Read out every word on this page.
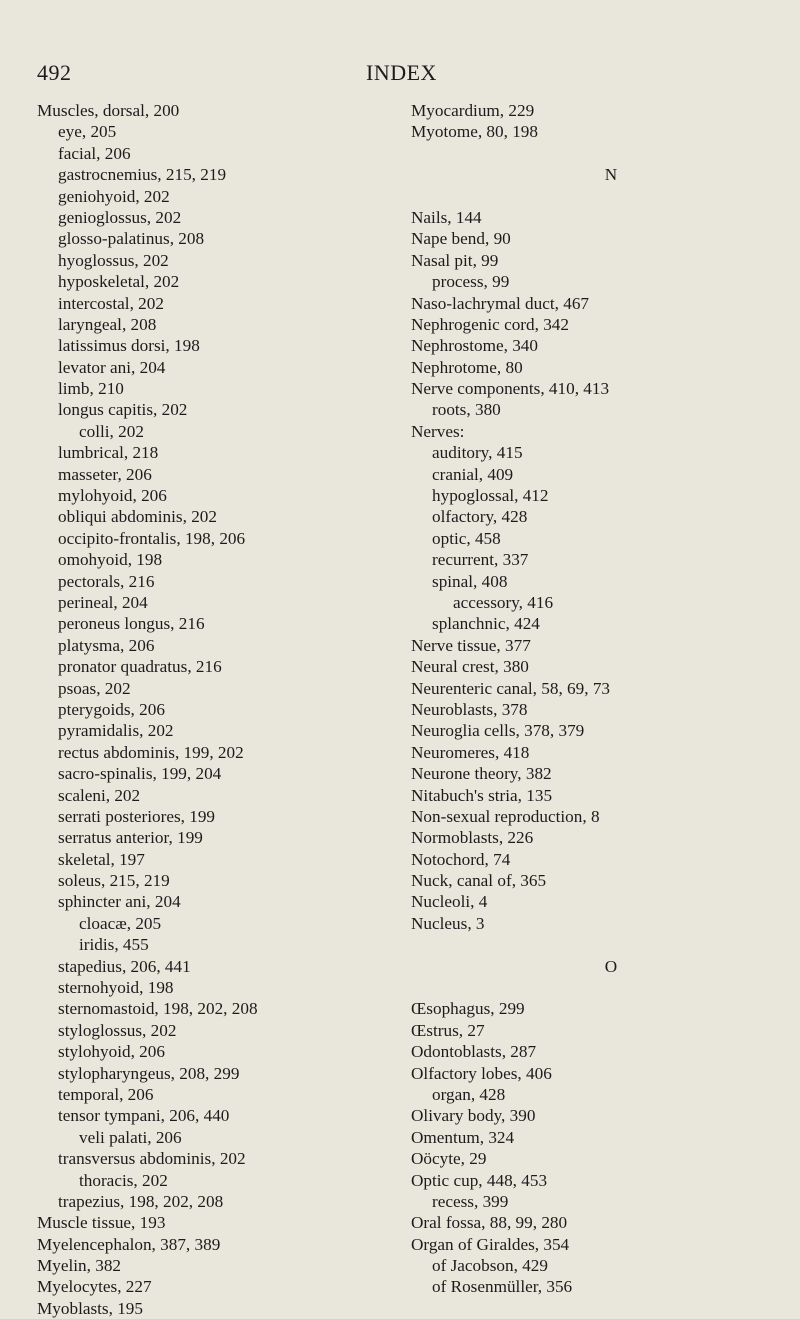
492	INDEX
Muscles, dorsal, 200
eye, 205
facial, 206
gastrocnemius, 215, 219
geniohyoid, 202
genioglossus, 202
glosso-palatinus, 208
hyoglossus, 202
hyposkeletal, 202
intercostal, 202
laryngeal, 208
latissimus dorsi, 198
levator ani, 204
limb, 210
longus capitis, 202
colli, 202
lumbrical, 218
masseter, 206
mylohyoid, 206
obliqui abdominis, 202
occipito-frontalis, 198, 206
omohyoid, 198
pectorals, 216
perineal, 204
peroneus longus, 216
platysma, 206
pronator quadratus, 216
psoas, 202
pterygoids, 206
pyramidalis, 202
rectus abdominis, 199, 202
sacro-spinalis, 199, 204
scaleni, 202
serrati posteriores, 199
serratus anterior, 199
skeletal, 197
soleus, 215, 219
sphincter ani, 204
cloacæ, 205
iridis, 455
stapedius, 206, 441
sternohyoid, 198
sternomastoid, 198, 202, 208
styloglossus, 202
stylohyoid, 206
stylopharyngeus, 208, 299
temporal, 206
tensor tympani, 206, 440
veli palati, 206
transversus abdominis, 202
thoracis, 202
trapezius, 198, 202, 208
Muscle tissue, 193
Myelencephalon, 387, 389
Myelin, 382
Myelocytes, 227
Myoblasts, 195
Myocardium, 229
Myotome, 80, 198
N
Nails, 144
Nape bend, 90
Nasal pit, 99
process, 99
Naso-lachrymal duct, 467
Nephrogenic cord, 342
Nephrostome, 340
Nephrotome, 80
Nerve components, 410, 413
roots, 380
Nerves:
auditory, 415
cranial, 409
hypoglossal, 412
olfactory, 428
optic, 458
recurrent, 337
spinal, 408
accessory, 416
splanchnic, 424
Nerve tissue, 377
Neural crest, 380
Neurenteric canal, 58, 69, 73
Neuroblasts, 378
Neuroglia cells, 378, 379
Neuromeres, 418
Neurone theory, 382
Nitabuch's stria, 135
Non-sexual reproduction, 8
Normoblasts, 226
Notochord, 74
Nuck, canal of, 365
Nucleoli, 4
Nucleus, 3
O
Œsophagus, 299
Œstrus, 27
Odontoblasts, 287
Olfactory lobes, 406
organ, 428
Olivary body, 390
Omentum, 324
Oöcyte, 29
Optic cup, 448, 453
recess, 399
Oral fossa, 88, 99, 280
Organ of Giraldes, 354
of Jacobson, 429
of Rosenmüller, 356
